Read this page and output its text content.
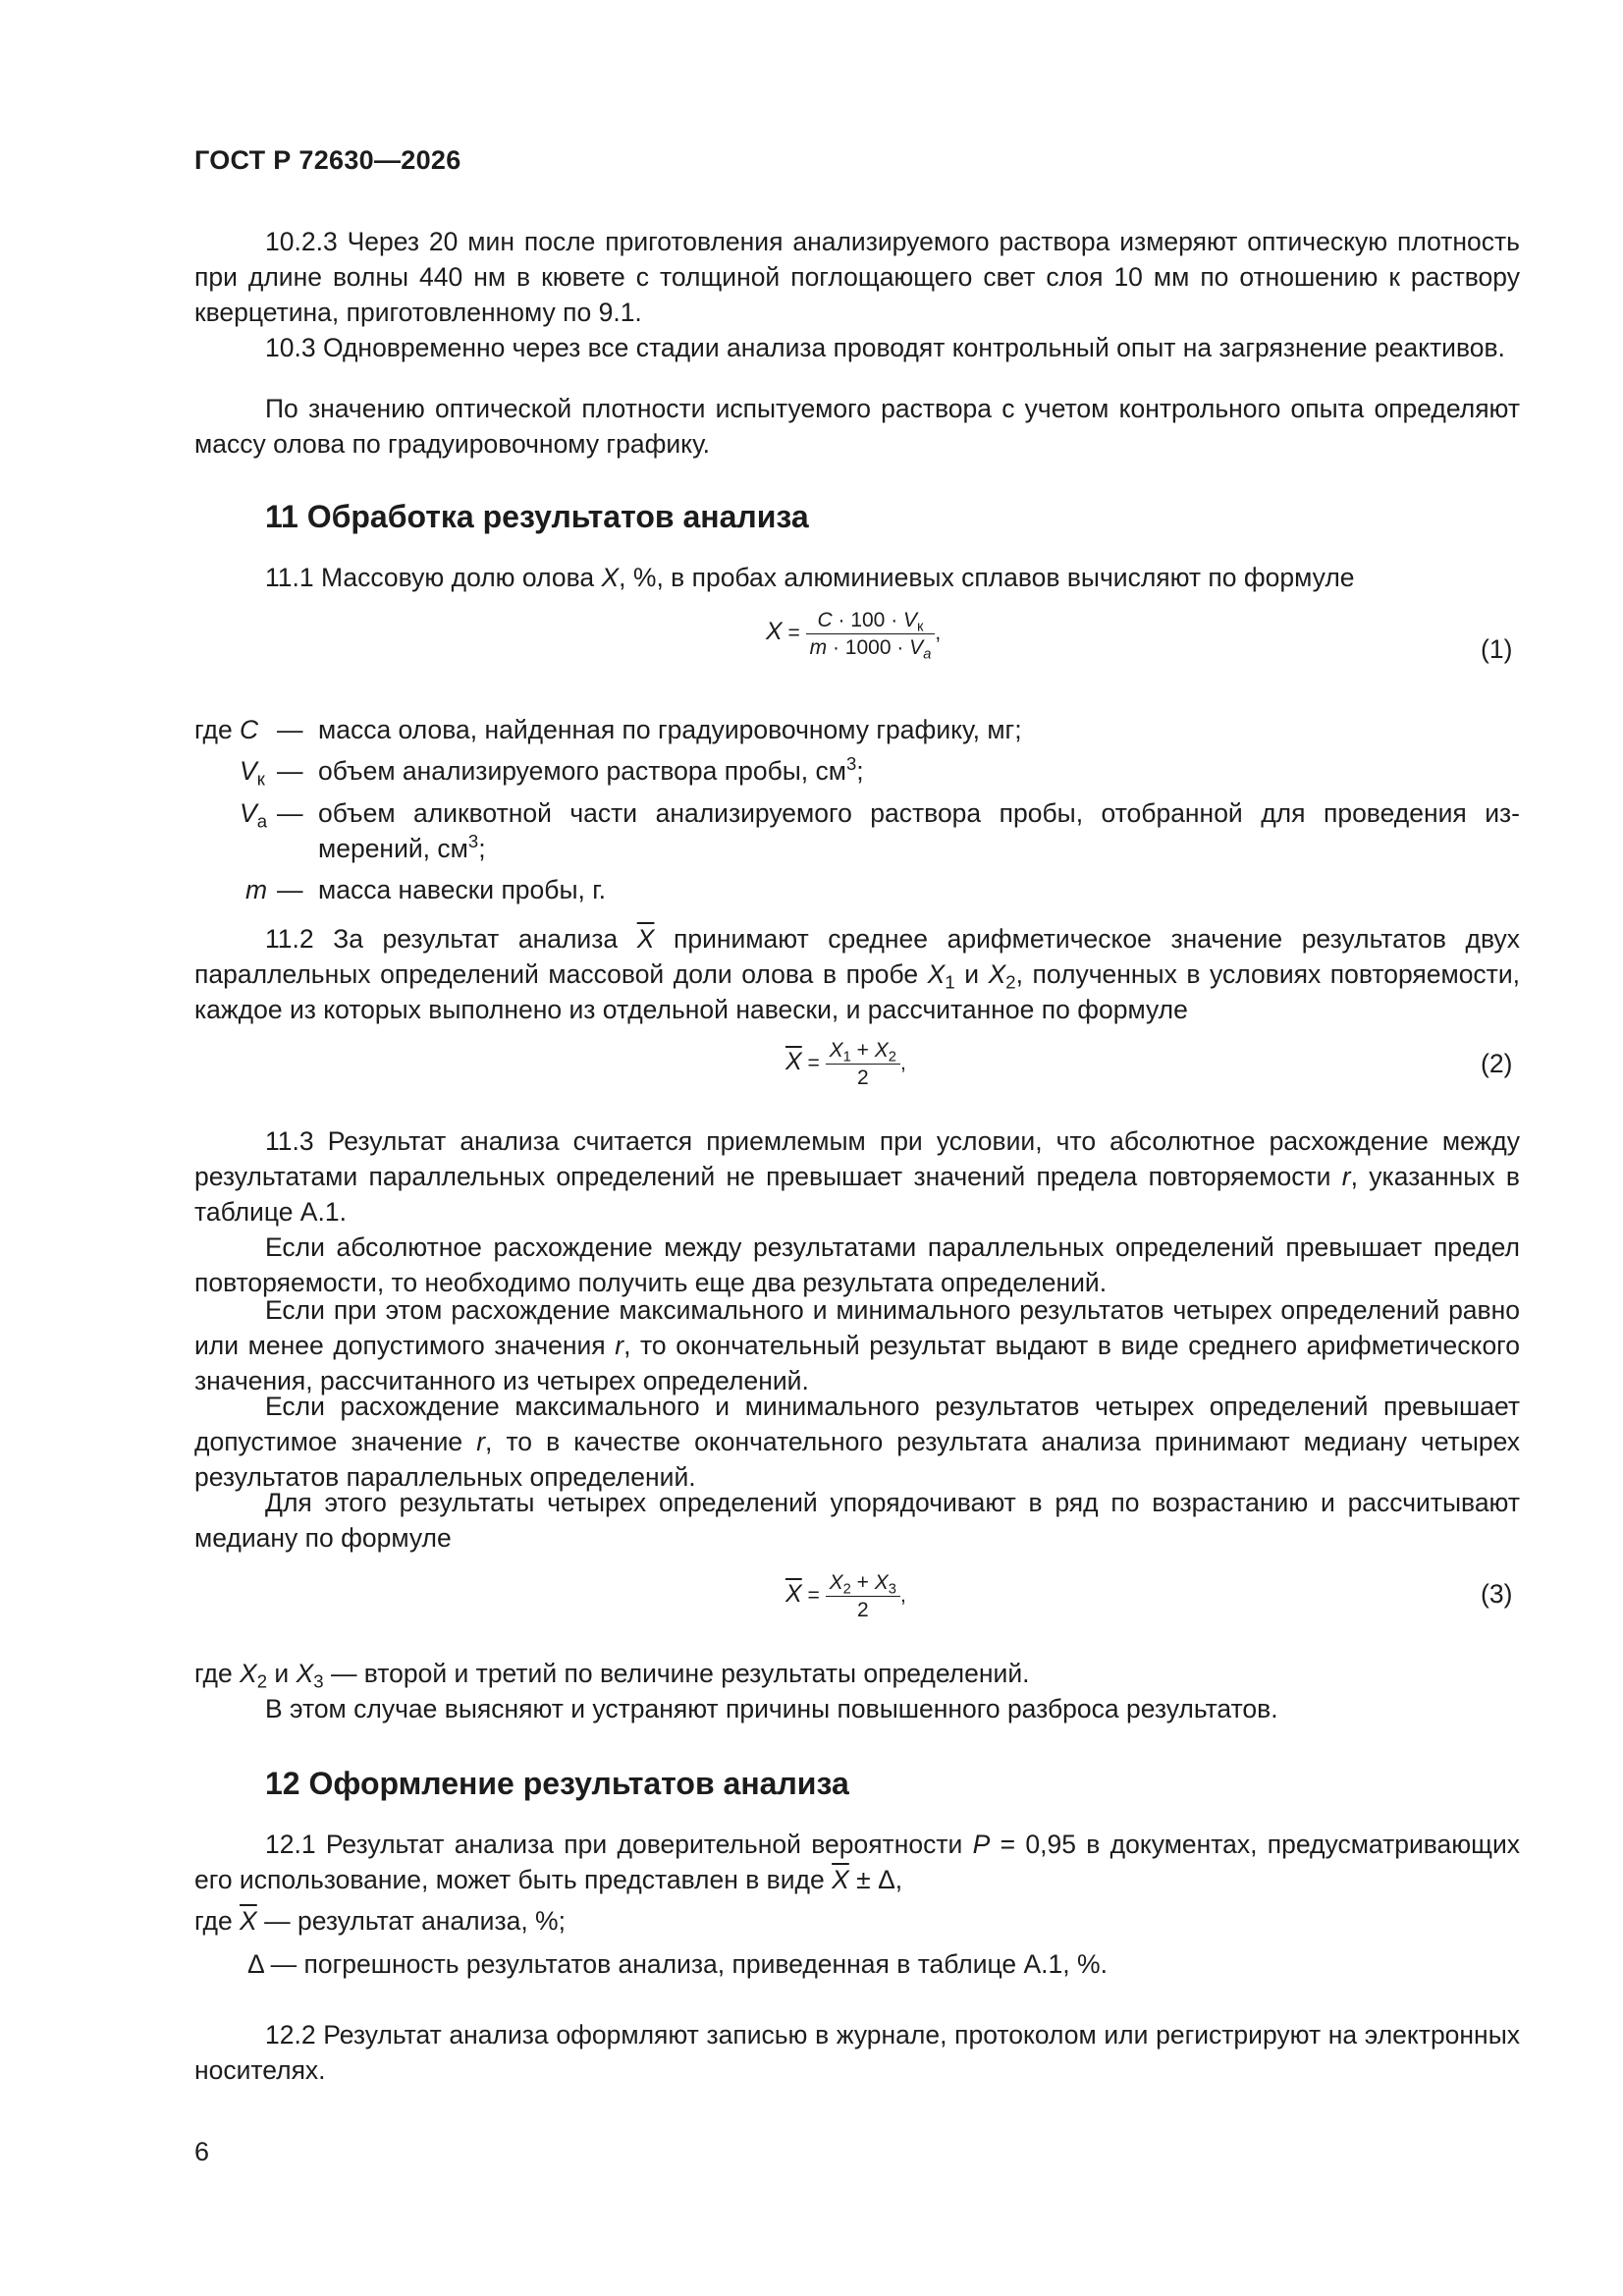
ГОСТ Р 72630—2026
10.2.3 Через 20 мин после приготовления анализируемого раствора измеряют оптическую плотность при длине волны 440 нм в кювете с толщиной поглощающего свет слоя 10 мм по отношению к раствору кверцетина, приготовленному по 9.1.
10.3 Одновременно через все стадии анализа проводят контрольный опыт на загрязнение реактивов.
По значению оптической плотности испытуемого раствора с учетом контрольного опыта определяют массу олова по градуировочному графику.
11 Обработка результатов анализа
11.1 Массовую долю олова X, %, в пробах алюминиевых сплавов вычисляют по формуле
$X = \frac{C \cdot 100 \cdot V_к}{m \cdot 1000 \cdot V_a}$ ,
(1)
где C — масса олова, найденная по градуировочному графику, мг;
$V_к$ — объем анализируемого раствора пробы, $см^3$;
$V_а$ — объем аликвотной части анализируемого раствора пробы, отобранной для проведения из-
мерений, $см^3$;
m — масса навески пробы, г.
11.2 За результат анализа $\overline{X}$ принимают среднее арифметическое значение результатов двух параллельных определений массовой доли олова в пробе $X_1$ и $X_2$, полученных в условиях повторяемости, каждое из которых выполнено из отдельной навески, и рассчитанное по формуле
$\overline{X} = \frac{X_1 + X_2}{2}$ ,	(2)
11.3 Результат анализа считается приемлемым при условии, что абсолютное расхождение между результатами параллельных определений не превышает значений предела повторяемости r, указанных в таблице А.1.
Если абсолютное расхождение между результатами параллельных определений превышает предел повторяемости, то необходимо получить еще два результата определений.
Если при этом расхождение максимального и минимального результатов четырех определений равно или менее допустимого значения r, то окончательный результат выдают в виде среднего арифметического значения, рассчитанного из четырех определений.
Если расхождение максимального и минимального результатов четырех определений превышает допустимое значение r, то в качестве окончательного результата анализа принимают медиану четырех результатов параллельных определений.
Для этого результаты четырех определений упорядочивают в ряд по возрастанию и рассчитывают медиану по формуле
$\overline{X} = \frac{X_2 + X_3}{2}$ ,	(3)
где $X_2$ и $X_3$ — второй и третий по величине результаты определений.
В этом случае выясняют и устраняют причины повышенного разброса результатов.
12 Оформление результатов анализа
12.1 Результат анализа при доверительной вероятности P = 0,95 в документах, предусматривающих его использование, может быть представлен в виде $\overline{X} \pm \Delta$,
где $\overline{X}$ — результат анализа, %;
Δ — погрешность результатов анализа, приведенная в таблице А.1, %.
12.2 Результат анализа оформляют записью в журнале, протоколом или регистрируют на электронных носителях.
6
